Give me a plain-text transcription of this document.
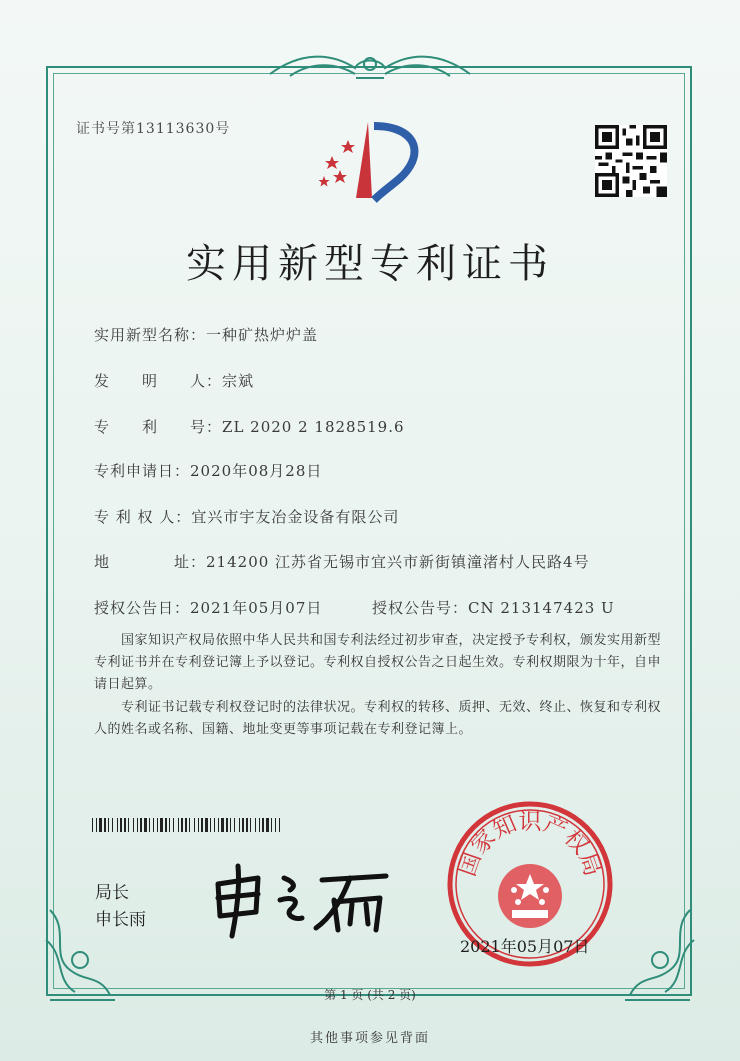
证书号第13113630号
实用新型专利证书
实用新型名称：一种矿热炉炉盖
发　　明　　人：宗斌
专　　利　　号：ZL 2020 2 1828519.6
专利申请日：2020年08月28日
专 利 权 人：宜兴市宇友冶金设备有限公司
地　　　　址：214200 江苏省无锡市宜兴市新街镇潼渚村人民路4号
授权公告日：2021年05月07日	授权公告号：CN 213147423 U
　　国家知识产权局依照中华人民共和国专利法经过初步审查，决定授予专利权，颁发实用新型专利证书并在专利登记簿上予以登记。专利权自授权公告之日起生效。专利权期限为十年，自申请日起算。
　　专利证书记载专利权登记时的法律状况。专利权的转移、质押、无效、终止、恢复和专利权人的姓名或名称、国籍、地址变更等事项记载在专利登记簿上。
局长
申长雨
国家知识产权局
2021年05月07日
第 1 页 (共 2 页)
其他事项参见背面
